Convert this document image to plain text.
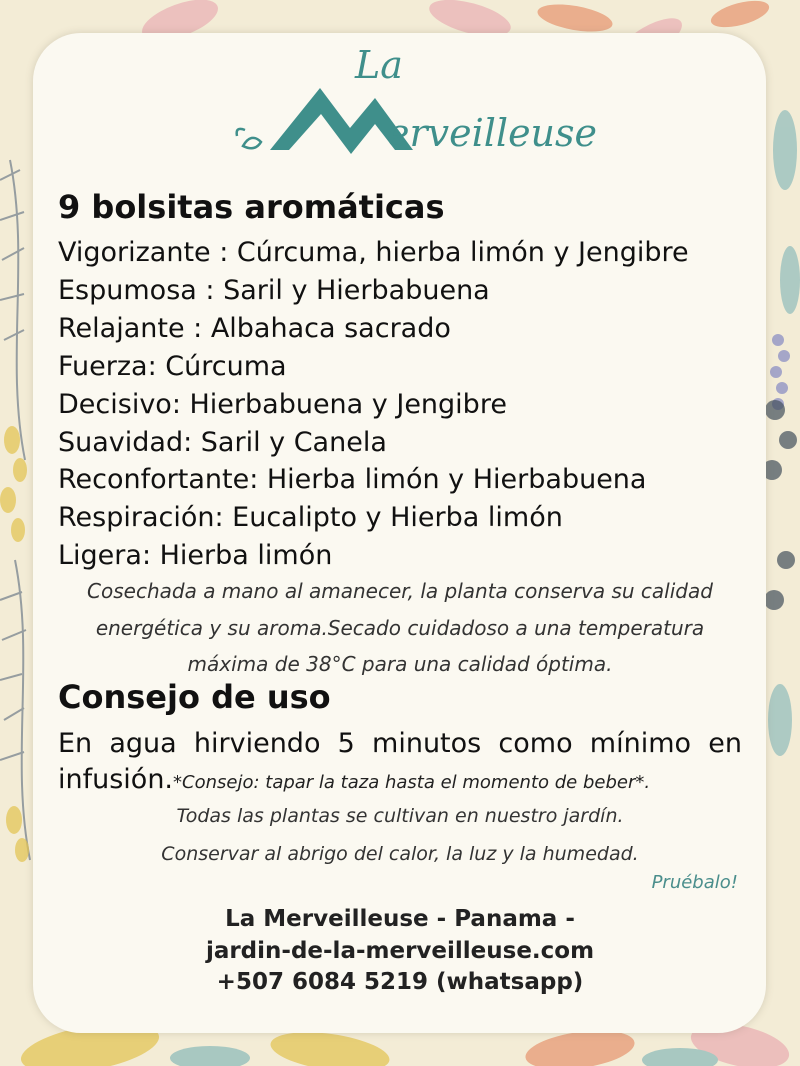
La
erveilleuse
9 bolsitas aromáticas
Vigorizante : Cúrcuma, hierba limón y Jengibre
Espumosa : Saril y Hierbabuena
Relajante : Albahaca sacrado
Fuerza: Cúrcuma
Decisivo: Hierbabuena y Jengibre
Suavidad: Saril y Canela
Reconfortante: Hierba limón y Hierbabuena
Respiración: Eucalipto y Hierba limón
Ligera: Hierba limón

Cosechada a mano al amanecer, la planta conserva su calidad
energética y su aroma.Secado cuidadoso a una temperatura
máxima de 38°C para una calidad óptima.

Consejo de uso
En agua hirviendo 5 minutos como mínimo en
infusión.*Consejo: tapar la taza hasta el momento de beber*.
Todas las plantas se cultivan en nuestro jardín.
Conservar al abrigo del calor, la luz y la humedad.
Pruébalo!
La Merveilleuse - Panama -
jardin-de-la-merveilleuse.com
+507 6084 5219 (whatsapp)
